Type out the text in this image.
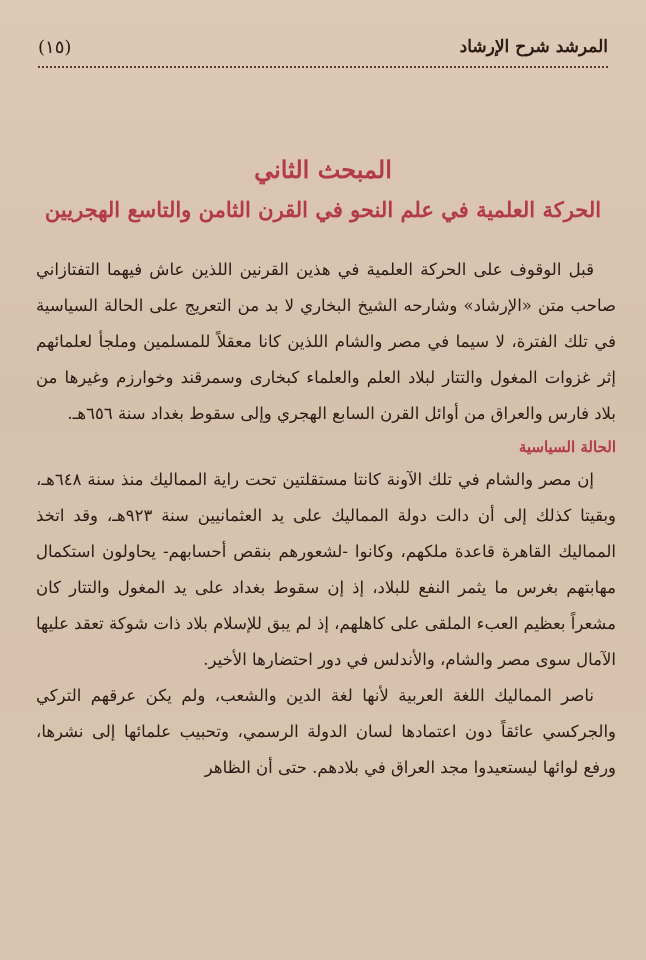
(١٥)	المرشد شرح الإرشاد
المبحث الثاني
الحركة العلمية في علم النحو في القرن الثامن والتاسع الهجريين

قبل الوقوف على الحركة العلمية في هذين القرنين اللذين عاش فيهما التفتازاني صاحب متن «الإرشاد» وشارحه الشيخ البخاري لا بد من التعريج على الحالة السياسية في تلك الفترة، لا سيما في مصر والشام اللذين كانا معقلاً للمسلمين وملجأ لعلمائهم إثر غزوات المغول والتتار لبلاد العلم والعلماء كبخارى وسمرقند وخوارزم وغيرها من بلاد فارس والعراق من أوائل القرن السابع الهجري وإلى سقوط بغداد سنة ٦٥٦هـ.

الحالة السياسية

إن مصر والشام في تلك الآونة كانتا مستقلتين تحت راية المماليك منذ سنة ٦٤٨هـ، وبقيتا كذلك إلى أن دالت دولة المماليك على يد العثمانيين سنة ٩٢٣هـ، وقد اتخذ المماليك القاهرة قاعدة ملكهم، وكانوا -لشعورهم بنقص أحسابهم- يحاولون استكمال مهابتهم بغرس ما يثمر النفع للبلاد، إذ إن سقوط بغداد على يد المغول والتتار كان مشعراً بعظيم العبء الملقى على كاهلهم، إذ لم يبق للإسلام بلاد ذات شوكة تعقد عليها الآمال سوى مصر والشام، والأندلس في دور احتضارها الأخير.

ناصر المماليك اللغة العربية لأنها لغة الدين والشعب، ولم يكن عرقهم التركي والجركسي عائقاً دون اعتمادها لسان الدولة الرسمي، وتحبيب علمائها إلى نشرها، ورفع لوائها ليستعيدوا مجد العراق في بلادهم. حتى أن الظاهر
